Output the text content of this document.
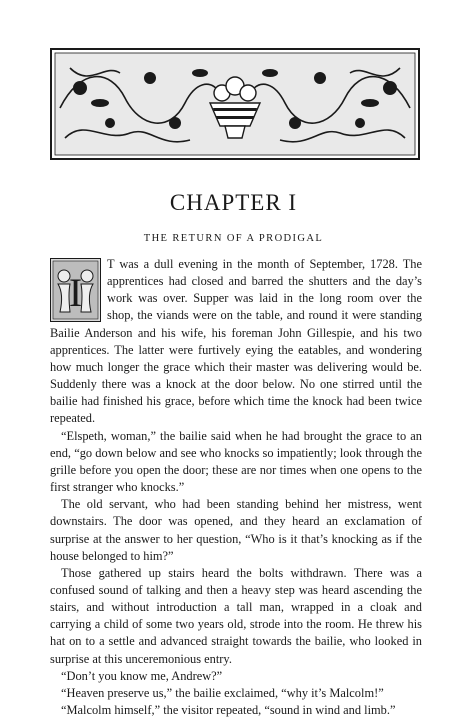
CHAPTER I
THE RETURN OF A PRODIGAL

I
T was a dull evening in the month of September, 1728. The apprentices had closed and barred the shutters and the day’s work was over. Supper was laid in the long room over the shop, the viands were on the table, and round it were standing Bailie Anderson and his wife, his foreman John Gillespie, and his two apprentices. The latter were furtively eying the eatables, and wondering how much longer the grace which their master was delivering would be. Suddenly there was a knock at the door below. No one stirred until the bailie had finished his grace, before which time the knock had been twice repeated.

“Elspeth, woman,” the bailie said when he had brought the grace to an end, “go down below and see who knocks so impatiently; look through the grille before you open the door; these are nor times when one opens to the first stranger who knocks.”

The old servant, who had been standing behind her mistress, went downstairs. The door was opened, and they heard an exclamation of surprise at the answer to her question, “Who is it that’s knocking as if the house belonged to him?”

Those gathered up stairs heard the bolts withdrawn. There was a confused sound of talking and then a heavy step was heard ascending the stairs, and without introduction a tall man, wrapped in a cloak and carrying a child of some two years old, strode into the room. He threw his hat on to a settle and advanced straight towards the bailie, who looked in surprise at this unceremonious entry.

“Don’t you know me, Andrew?”

“Heaven preserve us,” the bailie exclaimed, “why it’s Malcolm!”

“Malcolm himself,” the visitor repeated, “sound in wind and limb.”
